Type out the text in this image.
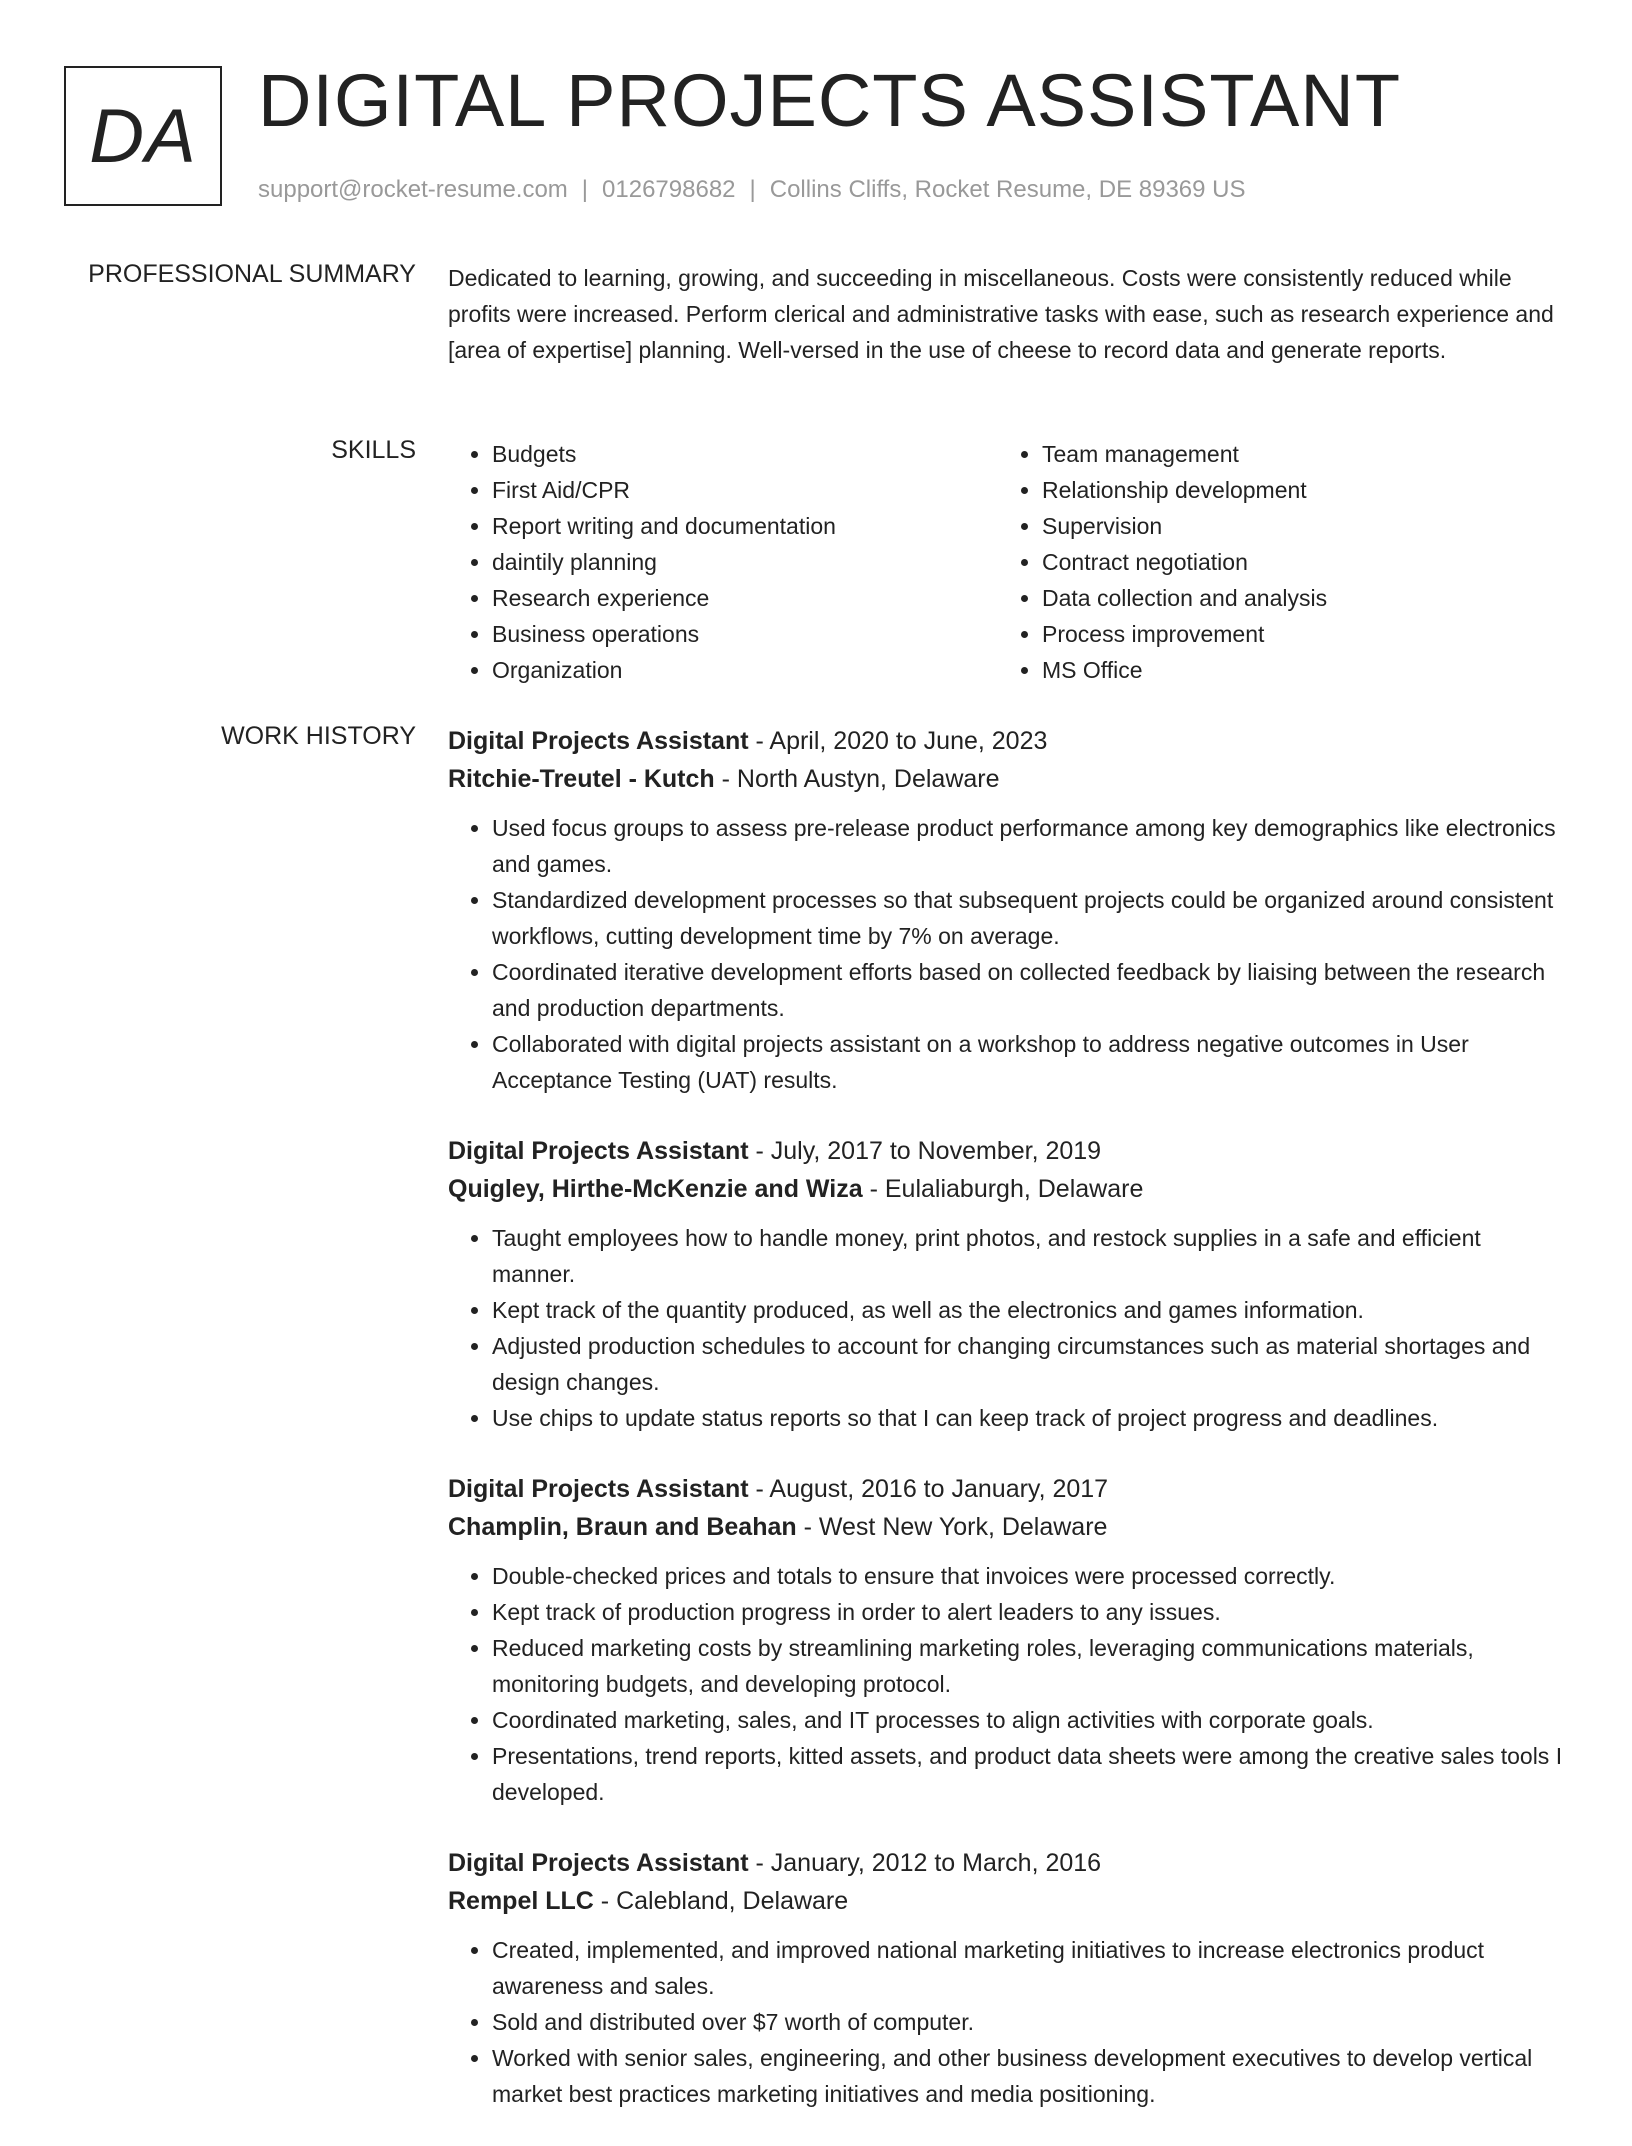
DA DIGITAL PROJECTS ASSISTANT
support@rocket-resume.com | 0126798682 | Collins Cliffs, Rocket Resume, DE 89369 US
PROFESSIONAL SUMMARY Dedicated to learning, growing, and succeeding in miscellaneous. Costs were consistently reduced while profits were increased. Perform clerical and administrative tasks with ease, such as research experience and [area of expertise] planning. Well-versed in the use of cheese to record data and generate reports.

SKILLS
•	Budgets
• First Aid/CPR
• Report writing and documentation
• daintily planning
• Research experience
• Business operations
• Organization
• Team management
• Relationship development
• Supervision
• Contract negotiation
• Data collection and analysis
• Process improvement
• MS Office
WORK HISTORY Digital Projects Assistant - April, 2020 to June, 2023
Ritchie-Treutel - Kutch - North Austyn, Delaware
• Used focus groups to assess pre-release product performance among key demographics like electronics and games.
• Standardized development processes so that subsequent projects could be organized around consistent workflows, cutting development time by 7% on average.
• Coordinated iterative development efforts based on collected feedback by liaising between the research and production departments.
• Collaborated with digital projects assistant on a workshop to address negative outcomes in User Acceptance Testing (UAT) results.
Digital Projects Assistant - July, 2017 to November, 2019
Quigley, Hirthe-McKenzie and Wiza - Eulaliaburgh, Delaware
• Taught employees how to handle money, print photos, and restock supplies in a safe and efficient manner.
• Kept track of the quantity produced, as well as the electronics and games information.
• Adjusted production schedules to account for changing circumstances such as material shortages and design changes.
• Use chips to update status reports so that I can keep track of project progress and deadlines.
Digital Projects Assistant - August, 2016 to January, 2017
Champlin, Braun and Beahan - West New York, Delaware
• Double-checked prices and totals to ensure that invoices were processed correctly.
• Kept track of production progress in order to alert leaders to any issues.
• Reduced marketing costs by streamlining marketing roles, leveraging communications materials, monitoring budgets, and developing protocol.
• Coordinated marketing, sales, and IT processes to align activities with corporate goals.
• Presentations, trend reports, kitted assets, and product data sheets were among the creative sales tools I developed.
Digital Projects Assistant - January, 2012 to March, 2016
Rempel LLC - Calebland, Delaware
• Created, implemented, and improved national marketing initiatives to increase electronics product awareness and sales.
• Sold and distributed over $7 worth of computer.
• Worked with senior sales, engineering, and other business development executives to develop vertical market best practices marketing initiatives and media positioning.
